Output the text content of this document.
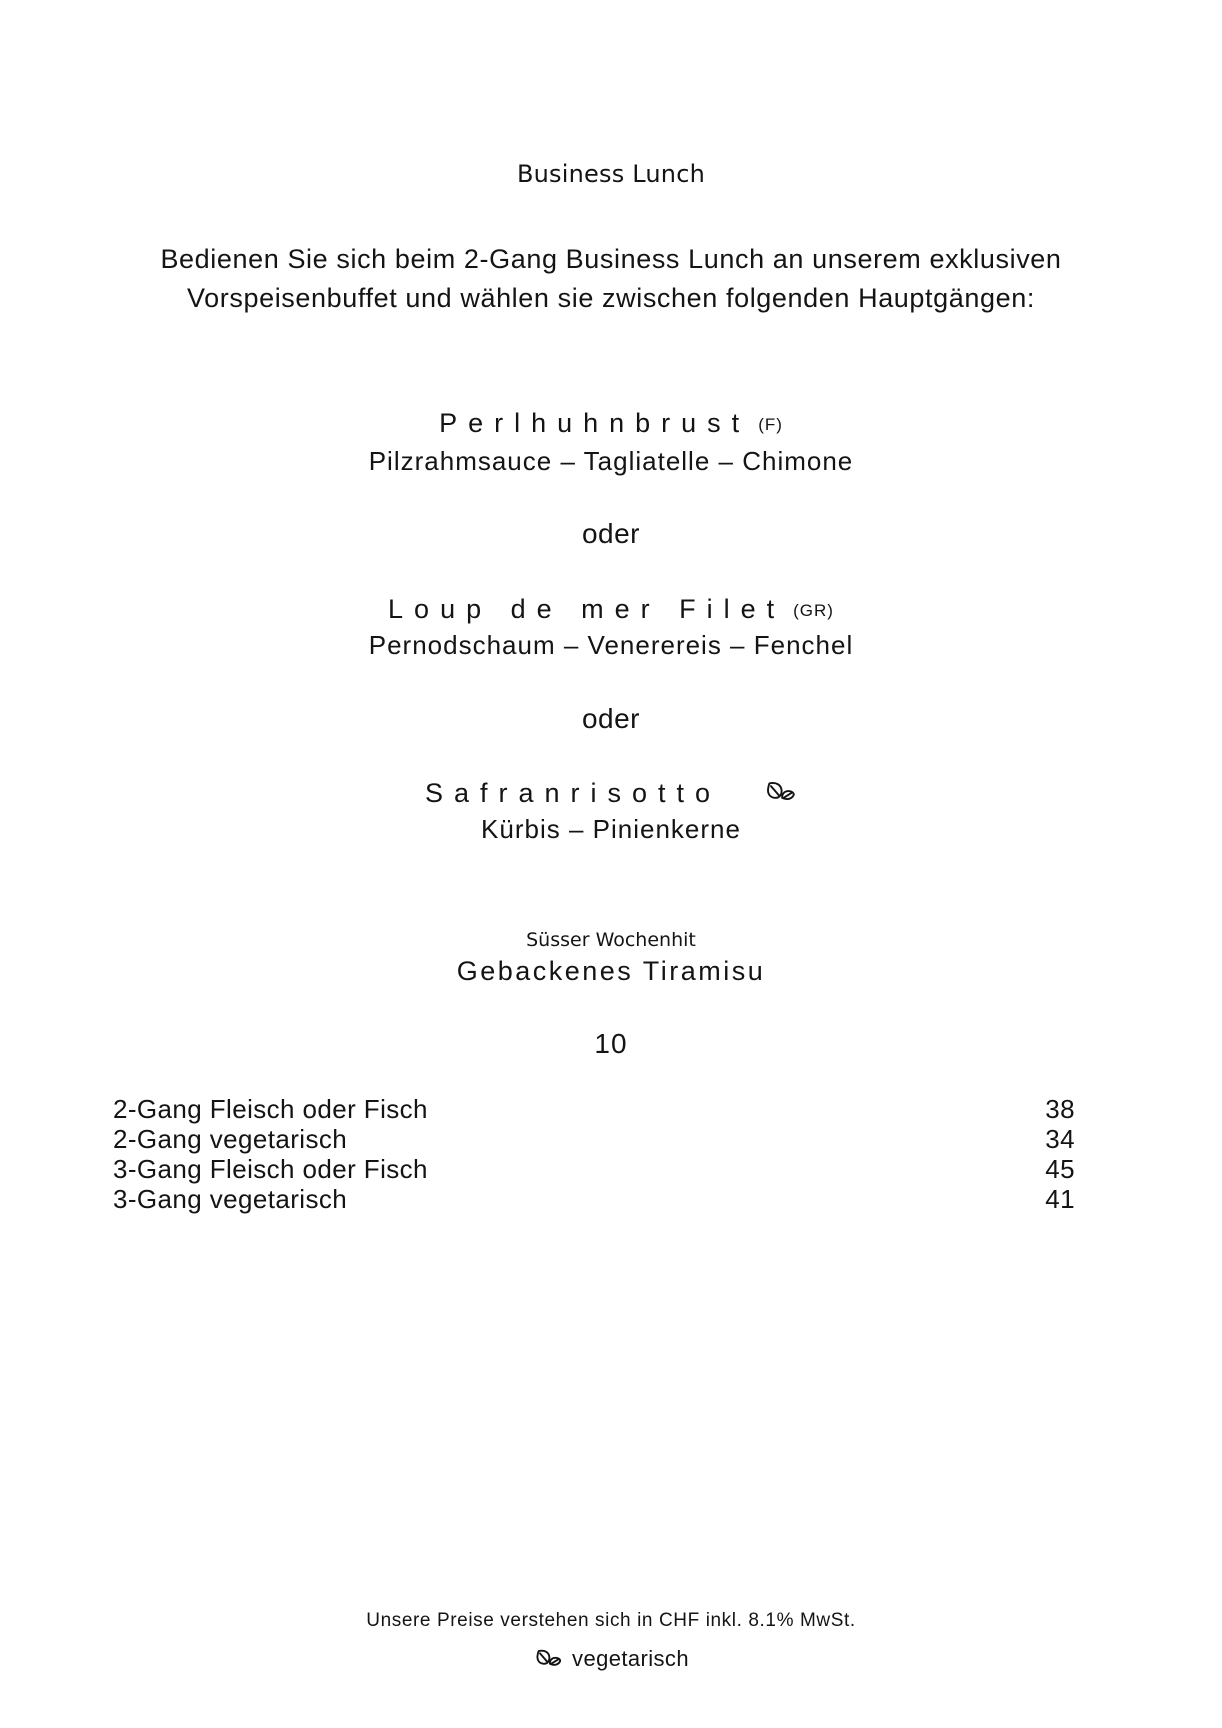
Business Lunch
Bedienen Sie sich beim 2-Gang Business Lunch an unserem exklusiven Vorspeisenbuffet und wählen sie zwischen folgenden Hauptgängen:
Perlhuhnbrust (F)
Pilzrahmsauce – Tagliatelle – Chimone
oder
Loup de mer Filet (GR)
Pernodschaum – Venerereis – Fenchel
oder
Safranrisotto
Kürbis – Pinienkerne
Süsser Wochenhit
Gebackenes Tiramisu
10
2-Gang Fleisch oder Fisch	38
2-Gang vegetarisch	34
3-Gang Fleisch oder Fisch	45
3-Gang vegetarisch	41
Unsere Preise verstehen sich in CHF inkl. 8.1% MwSt.
vegetarisch
